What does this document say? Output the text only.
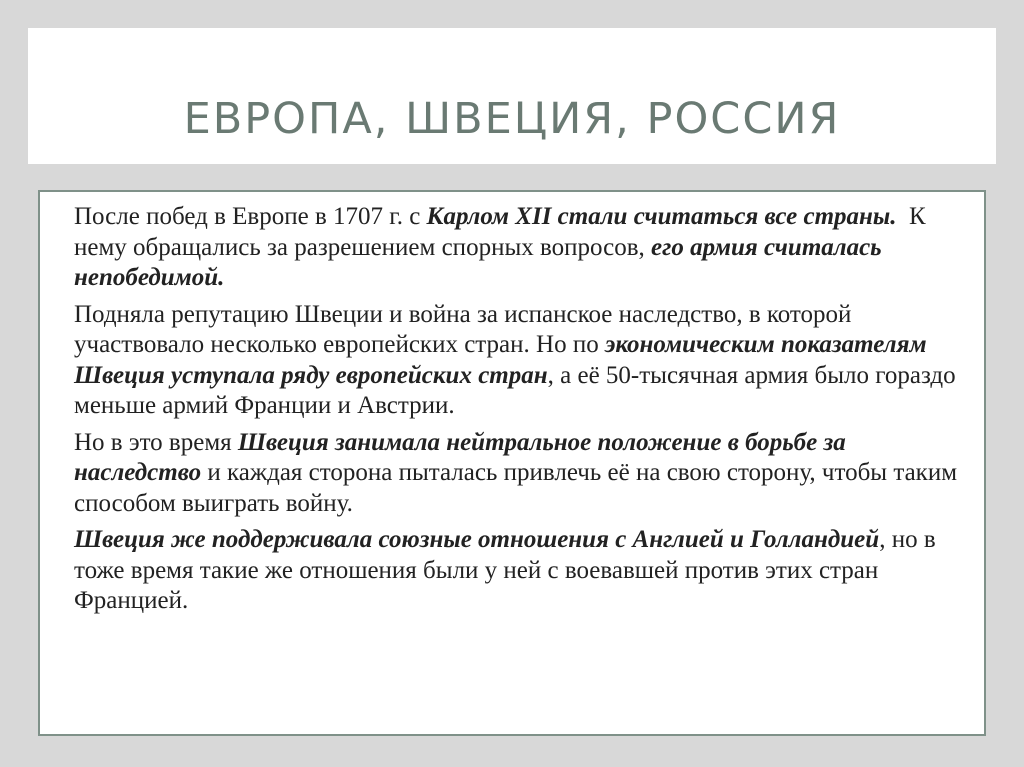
ЕВРОПА, ШВЕЦИЯ, РОССИЯ

После побед в Европе в 1707 г. с Карлом XII стали считаться все страны.  К нему обращались за разрешением спорных вопросов, его армия считалась непобедимой.

Подняла репутацию Швеции и война за испанское наследство, в которой участвовало несколько европейских стран. Но по экономическим показателям Швеция уступала ряду европейских стран, а её 50-тысячная армия было гораздо меньше армий Франции и Австрии.

Но в это время Швеция занимала нейтральное положение в борьбе за наследство и каждая сторона пыталась привлечь её на свою сторону, чтобы таким способом выиграть войну.

Швеция же поддерживала союзные отношения с Англией и Голландией, но в тоже время такие же отношения были у ней с воевавшей против этих стран Францией.
